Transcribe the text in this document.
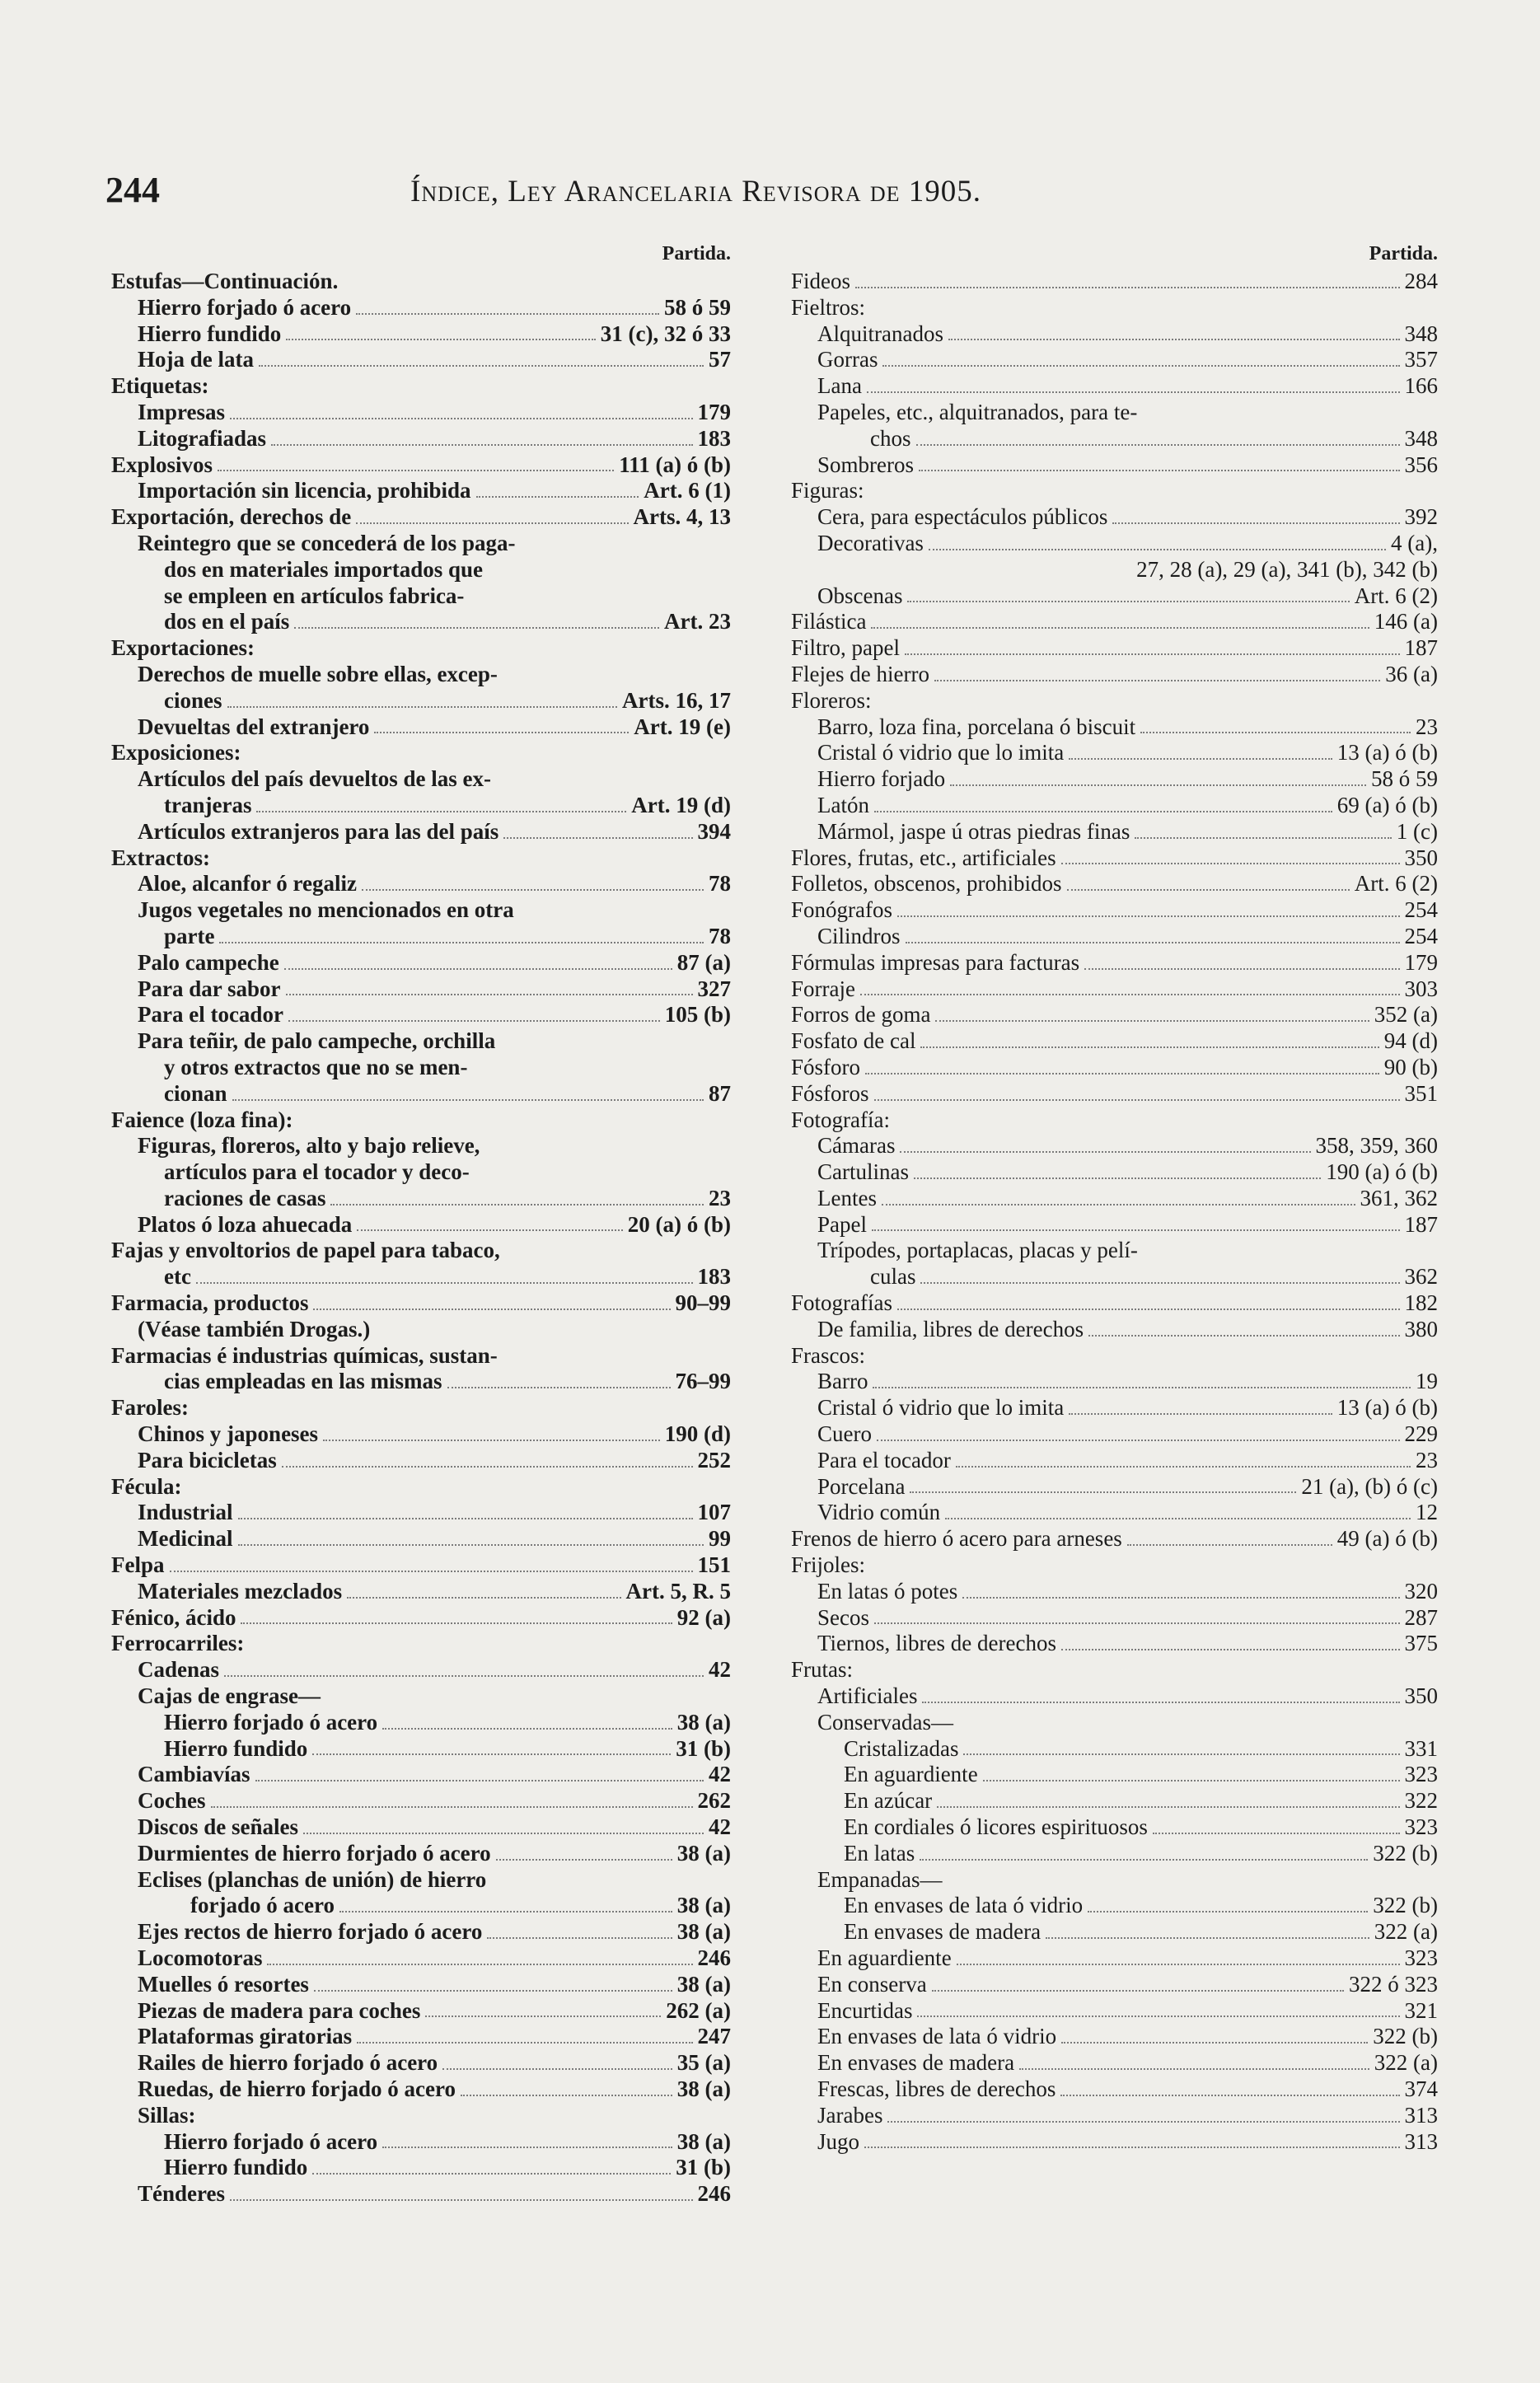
244	Índice, Ley Arancelaria Revisora de 1905.
Partida.
Estufas—Continuación.
Hierro forjado ó acero	58 ó 59
Hierro fundido	31 (c), 32 ó 33
Hoja de lata	57
Etiquetas:
Impresas	179
Litografiadas	183
Explosivos	111 (a) ó (b)
Importación sin licencia, prohibida	Art. 6 (1)
Exportación, derechos de	Arts. 4, 13
Reintegro que se concederá de los paga-
dos en materiales importados que
se empleen en artículos fabrica-
dos en el país	Art. 23
Exportaciones:
Derechos de muelle sobre ellas, excep-
ciones	Arts. 16, 17
Devueltas del extranjero	Art. 19 (e)
Exposiciones:
Artículos del país devueltos de las ex-
tranjeras	Art. 19 (d)
Artículos extranjeros para las del país	394
Extractos:
Aloe, alcanfor ó regaliz	78
Jugos vegetales no mencionados en otra
parte	78
Palo campeche	87 (a)
Para dar sabor	327
Para el tocador	105 (b)
Para teñir, de palo campeche, orchilla
y otros extractos que no se men-
cionan	87
Faience (loza fina):
Figuras, floreros, alto y bajo relieve,
artículos para el tocador y deco-
raciones de casas	23
Platos ó loza ahuecada	20 (a) ó (b)
Fajas y envoltorios de papel para tabaco,
etc	183
Farmacia, productos	90–99
(Véase también Drogas.)
Farmacias é industrias químicas, sustan-
cias empleadas en las mismas	76–99
Faroles:
Chinos y japoneses	190 (d)
Para bicicletas	252
Fécula:
Industrial	107
Medicinal	99
Felpa	151
Materiales mezclados	Art. 5, R. 5
Fénico, ácido	92 (a)
Ferrocarriles:
Cadenas	42
Cajas de engrase—
Hierro forjado ó acero	38 (a)
Hierro fundido	31 (b)
Cambiavías	42
Coches	262
Discos de señales	42
Durmientes de hierro forjado ó acero	38 (a)
Eclises (planchas de unión) de hierro
forjado ó acero	38 (a)
Ejes rectos de hierro forjado ó acero	38 (a)
Locomotoras	246
Muelles ó resortes	38 (a)
Piezas de madera para coches	262 (a)
Plataformas giratorias	247
Railes de hierro forjado ó acero	35 (a)
Ruedas, de hierro forjado ó acero	38 (a)
Sillas:
Hierro forjado ó acero	38 (a)
Hierro fundido	31 (b)
Ténderes	246
Partida.
Fideos	284
Fieltros:
Alquitranados	348
Gorras	357
Lana	166
Papeles, etc., alquitranados, para te-
chos	348
Sombreros	356
Figuras:
Cera, para espectáculos públicos	392
Decorativas	4 (a),
27, 28 (a), 29 (a), 341 (b), 342 (b)
Obscenas	Art. 6 (2)
Filástica	146 (a)
Filtro, papel	187
Flejes de hierro	36 (a)
Floreros:
Barro, loza fina, porcelana ó biscuit	23
Cristal ó vidrio que lo imita	13 (a) ó (b)
Hierro forjado	58 ó 59
Latón	69 (a) ó (b)
Mármol, jaspe ú otras piedras finas	1 (c)
Flores, frutas, etc., artificiales	350
Folletos, obscenos, prohibidos	Art. 6 (2)
Fonógrafos	254
Cilindros	254
Fórmulas impresas para facturas	179
Forraje	303
Forros de goma	352 (a)
Fosfato de cal	94 (d)
Fósforo	90 (b)
Fósforos	351
Fotografía:
Cámaras	358, 359, 360
Cartulinas	190 (a) ó (b)
Lentes	361, 362
Papel	187
Trípodes, portaplacas, placas y pelí-
culas	362
Fotografías	182
De familia, libres de derechos	380
Frascos:
Barro	19
Cristal ó vidrio que lo imita	13 (a) ó (b)
Cuero	229
Para el tocador	23
Porcelana	21 (a), (b) ó (c)
Vidrio común	12
Frenos de hierro ó acero para arneses	49 (a) ó (b)
Frijoles:
En latas ó potes	320
Secos	287
Tiernos, libres de derechos	375
Frutas:
Artificiales	350
Conservadas—
Cristalizadas	331
En aguardiente	323
En azúcar	322
En cordiales ó licores espirituosos	323
En latas	322 (b)
Empanadas—
En envases de lata ó vidrio	322 (b)
En envases de madera	322 (a)
En aguardiente	323
En conserva	322 ó 323
Encurtidas	321
En envases de lata ó vidrio	322 (b)
En envases de madera	322 (a)
Frescas, libres de derechos	374
Jarabes	313
Jugo	313
